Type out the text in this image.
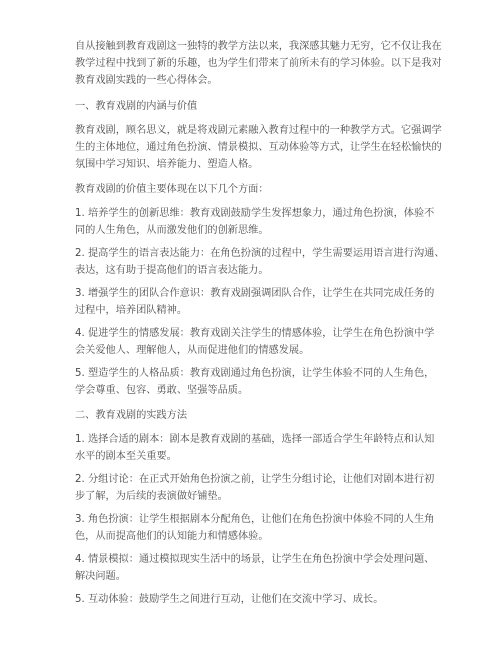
自从接触到教育戏剧这一独特的教学方法以来，我深感其魅力无穷，它不仅让我在
教学过程中找到了新的乐趣，也为学生们带来了前所未有的学习体验。以下是我对
教育戏剧实践的一些心得体会。

一、教育戏剧的内涵与价值

教育戏剧，顾名思义，就是将戏剧元素融入教育过程中的一种教学方式。它强调学
生的主体地位，通过角色扮演、情景模拟、互动体验等方式，让学生在轻松愉快的
氛围中学习知识、培养能力、塑造人格。

教育戏剧的价值主要体现在以下几个方面：

1. 培养学生的创新思维：教育戏剧鼓励学生发挥想象力，通过角色扮演，体验不
同的人生角色，从而激发他们的创新思维。

2. 提高学生的语言表达能力：在角色扮演的过程中，学生需要运用语言进行沟通、
表达，这有助于提高他们的语言表达能力。

3. 增强学生的团队合作意识：教育戏剧强调团队合作，让学生在共同完成任务的
过程中，培养团队精神。

4. 促进学生的情感发展：教育戏剧关注学生的情感体验，让学生在角色扮演中学
会关爱他人、理解他人，从而促进他们的情感发展。

5. 塑造学生的人格品质：教育戏剧通过角色扮演，让学生体验不同的人生角色，
学会尊重、包容、勇敢、坚强等品质。

二、教育戏剧的实践方法

1. 选择合适的剧本：剧本是教育戏剧的基础，选择一部适合学生年龄特点和认知
水平的剧本至关重要。

2. 分组讨论：在正式开始角色扮演之前，让学生分组讨论，让他们对剧本进行初
步了解，为后续的表演做好铺垫。

3. 角色扮演：让学生根据剧本分配角色，让他们在角色扮演中体验不同的人生角
色，从而提高他们的认知能力和情感体验。

4. 情景模拟：通过模拟现实生活中的场景，让学生在角色扮演中学会处理问题、
解决问题。

5. 互动体验：鼓励学生之间进行互动，让他们在交流中学习、成长。
